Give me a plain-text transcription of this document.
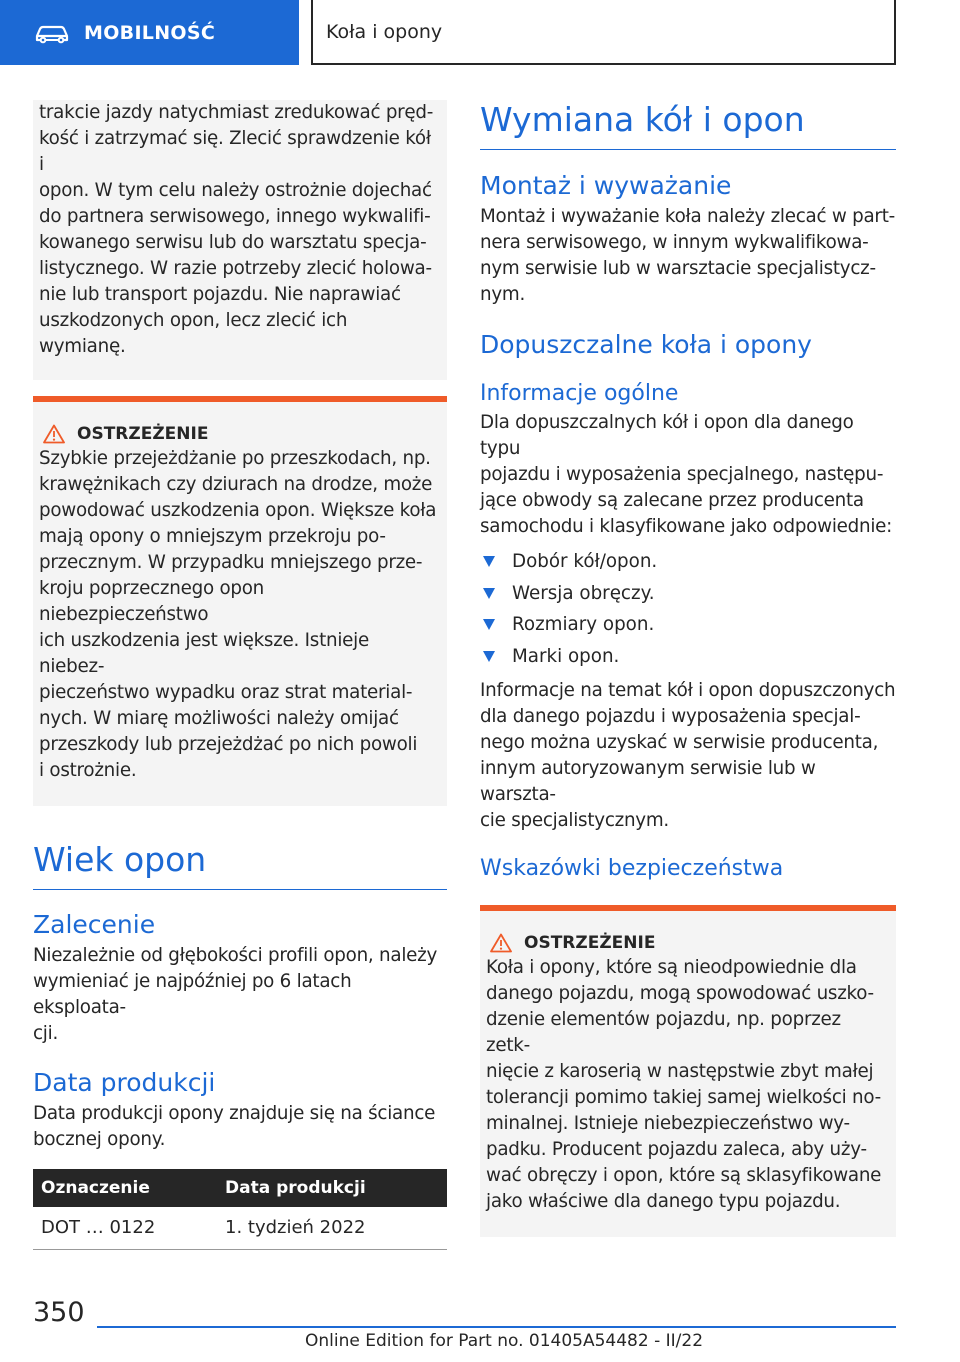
MOBILNOŚĆ	Koła i opony
trakcie jazdy natychmiast zredukować pręd-
kość i zatrzymać się. Zlecić sprawdzenie kół i
opon. W tym celu należy ostrożnie dojechać
do partnera serwisowego, innego wykwalifi-
kowanego serwisu lub do warsztatu specja-
listycznego. W razie potrzeby zlecić holowa-
nie lub transport pojazdu. Nie naprawiać
uszkodzonych opon, lecz zlecić ich wymianę.
OSTRZEŻENIE
Szybkie przejeżdżanie po przeszkodach, np.
krawężnikach czy dziurach na drodze, może
powodować uszkodzenia opon. Większe koła
mają opony o mniejszym przekroju po-
przecznym. W przypadku mniejszego prze-
kroju poprzecznego opon niebezpieczeństwo
ich uszkodzenia jest większe. Istnieje niebez-
pieczeństwo wypadku oraz strat material-
nych. W miarę możliwości należy omijać
przeszkody lub przejeżdżać po nich powoli
i ostrożnie.
Wiek opon
Zalecenie
Niezależnie od głębokości profili opon, należy
wymieniać je najpóźniej po 6 latach eksploata-
cji.
Data produkcji
Data produkcji opony znajduje się na ściance
bocznej opony.
Oznaczenie	Data produkcji
DOT … 0122	1. tydzień 2022
Wymiana kół i opon
Montaż i wyważanie
Montaż i wyważanie koła należy zlecać w part-
nera serwisowego, w innym wykwalifikowa-
nym serwisie lub w warsztacie specjalistycz-
nym.
Dopuszczalne koła i opony
Informacje ogólne
Dla dopuszczalnych kół i opon dla danego typu
pojazdu i wyposażenia specjalnego, następu-
jące obwody są zalecane przez producenta
samochodu i klasyfikowane jako odpowiednie:
Dobór kół/opon.
Wersja obręczy.
Rozmiary opon.
Marki opon.
Informacje na temat kół i opon dopuszczonych
dla danego pojazdu i wyposażenia specjal-
nego można uzyskać w serwisie producenta,
innym autoryzowanym serwisie lub w warszta-
cie specjalistycznym.
Wskazówki bezpieczeństwa
OSTRZEŻENIE
Koła i opony, które są nieodpowiednie dla
danego pojazdu, mogą spowodować uszko-
dzenie elementów pojazdu, np. poprzez zetk-
nięcie z karoserią w następstwie zbyt małej
tolerancji pomimo takiej samej wielkości no-
minalnej. Istnieje niebezpieczeństwo wy-
padku. Producent pojazdu zaleca, aby uży-
wać obręczy i opon, które są sklasyfikowane
jako właściwe dla danego typu pojazdu.
350
Online Edition for Part no. 01405A54482 - II/22
